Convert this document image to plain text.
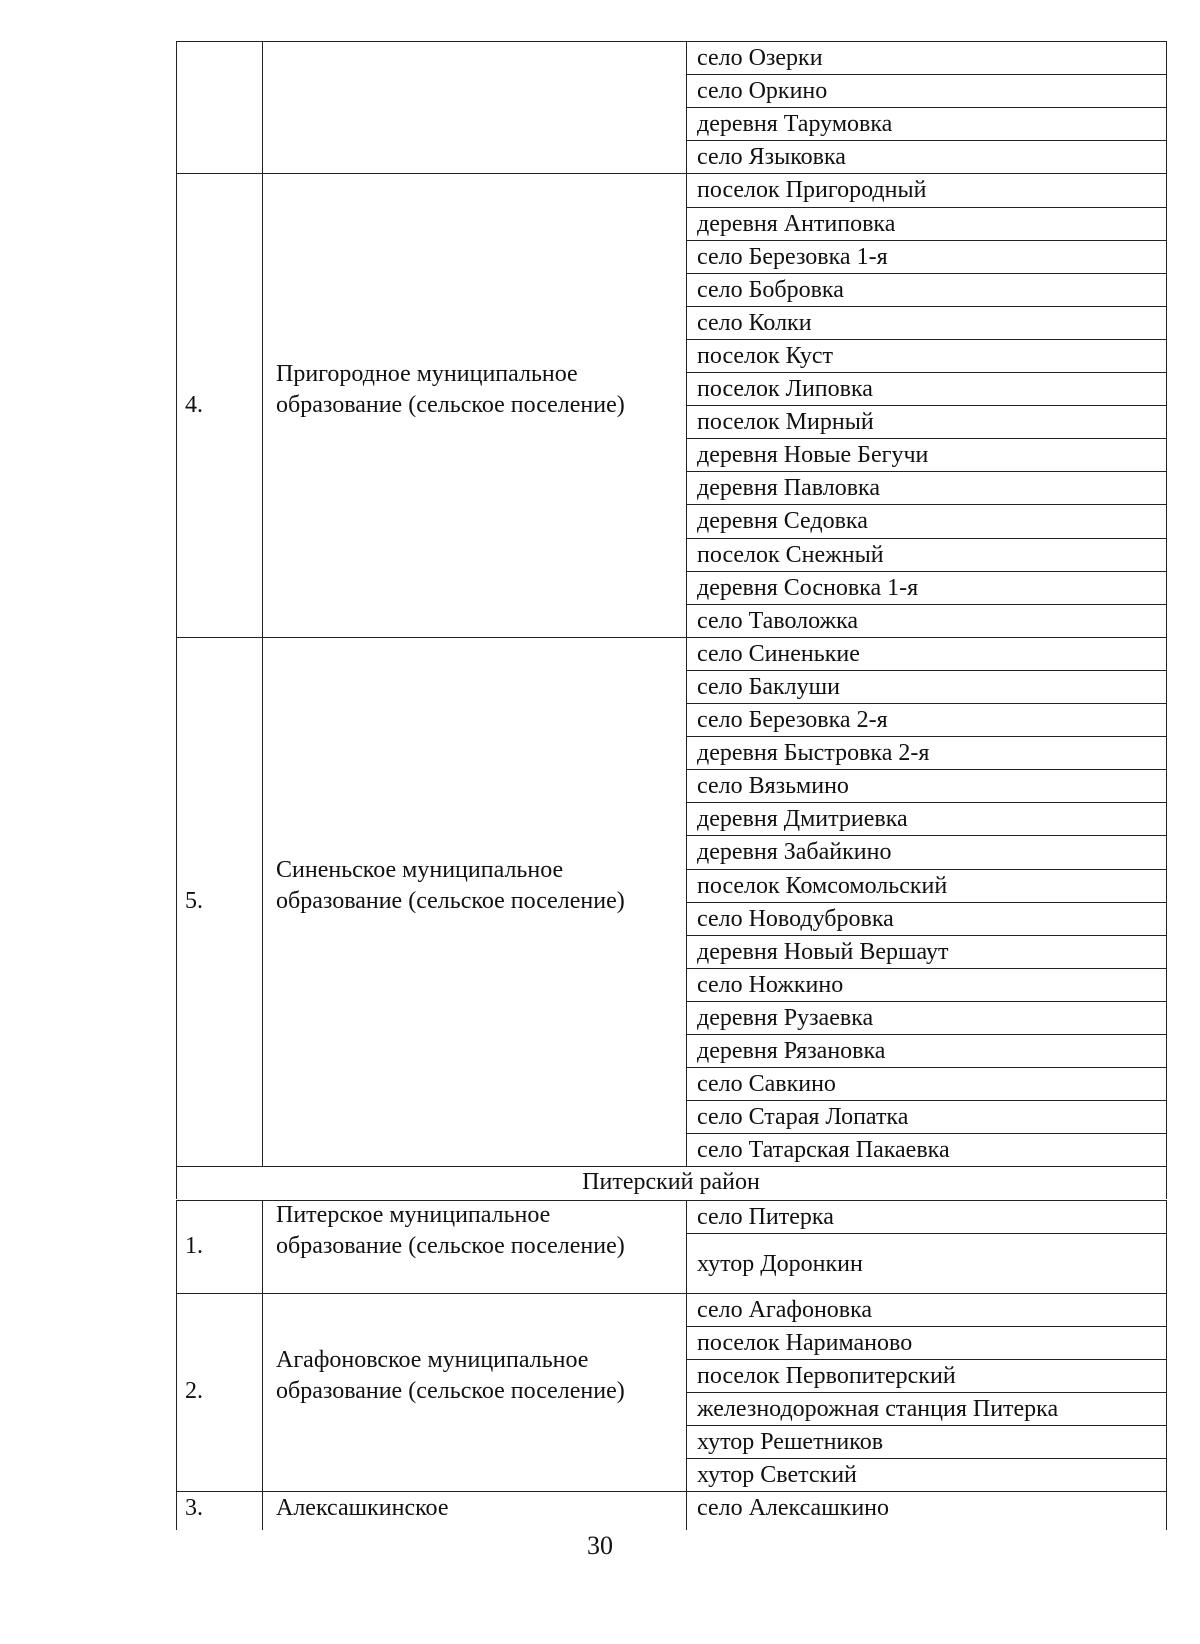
село Озерки
село Оркино
деревня Тарумовка
село Языковка
поселок Пригородный
деревня Антиповка
село Березовка 1-я
село Бобровка
село Колки
поселок Куст
поселок Липовка
поселок Мирный
деревня Новые Бегучи
деревня Павловка
деревня Седовка
поселок Снежный
деревня Сосновка 1-я
село Таволожка
Пригородное муниципальное образование (сельское поселение)
4.
село Синенькие
село Баклуши
село Березовка 2-я
деревня Быстровка 2-я
село Вязьмино
деревня Дмитриевка
деревня Забайкино
поселок Комсомольский
село Новодубровка
деревня Новый Вершаут
село Ножкино
деревня Рузаевка
деревня Рязановка
село Савкино
село Старая Лопатка
село Татарская Пакаевка
Синеньское муниципальное образование (сельское поселение)
5.
Питерский район
село Питерка
хутор Доронкин
Питерское муниципальное образование (сельское поселение)
1.
село Агафоновка
поселок Нариманово
поселок Первопитерский
железнодорожная станция Питерка
хутор Решетников
хутор Светский
Агафоновское муниципальное образование (сельское поселение)
2.
село Алексашкино
Алексашкинское
3.
30
